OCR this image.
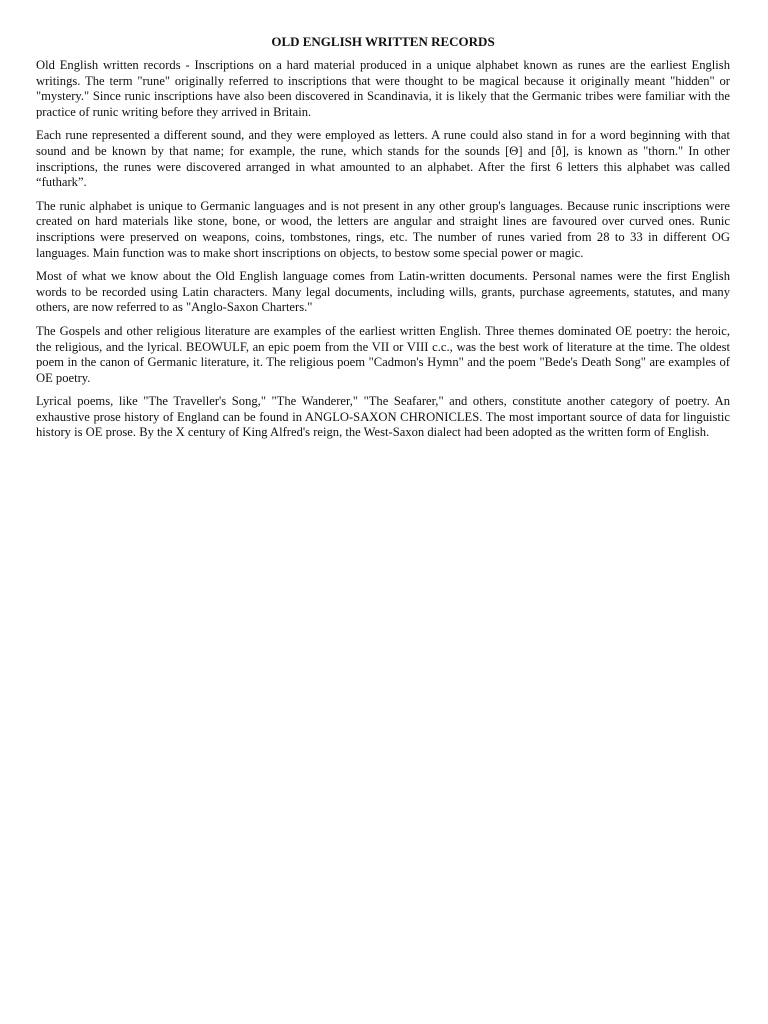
OLD ENGLISH WRITTEN RECORDS

Old English written records - Inscriptions on a hard material produced in a unique alphabet known as runes are the earliest English writings. The term "rune" originally referred to inscriptions that were thought to be magical because it originally meant "hidden" or "mystery." Since runic inscriptions have also been discovered in Scandinavia, it is likely that the Germanic tribes were familiar with the practice of runic writing before they arrived in Britain.

Each rune represented a different sound, and they were employed as letters. A rune could also stand in for a word beginning with that sound and be known by that name; for example, the rune, which stands for the sounds [Θ] and [ð], is known as "thorn." In other inscriptions, the runes were discovered arranged in what amounted to an alphabet. After the first 6 letters this alphabet was called “futhark”.

The runic alphabet is unique to Germanic languages and is not present in any other group's languages. Because runic inscriptions were created on hard materials like stone, bone, or wood, the letters are angular and straight lines are favoured over curved ones. Runic inscriptions were preserved on weapons, coins, tombstones, rings, etc. The number of runes varied from 28 to 33 in different OG languages. Main function was to make short inscriptions on objects, to bestow some special power or magic.

Most of what we know about the Old English language comes from Latin-written documents. Personal names were the first English words to be recorded using Latin characters. Many legal documents, including wills, grants, purchase agreements, statutes, and many others, are now referred to as "Anglo-Saxon Charters."

The Gospels and other religious literature are examples of the earliest written English. Three themes dominated OE poetry: the heroic, the religious, and the lyrical. BEOWULF, an epic poem from the VII or VIII c.c., was the best work of literature at the time. The oldest poem in the canon of Germanic literature, it. The religious poem "Cadmon's Hymn" and the poem "Bede's Death Song" are examples of OE poetry.

Lyrical poems, like "The Traveller's Song," "The Wanderer," "The Seafarer," and others, constitute another category of poetry. An exhaustive prose history of England can be found in ANGLO-SAXON CHRONICLES. The most important source of data for linguistic history is OE prose. By the X century of King Alfred's reign, the West-Saxon dialect had been adopted as the written form of English.
